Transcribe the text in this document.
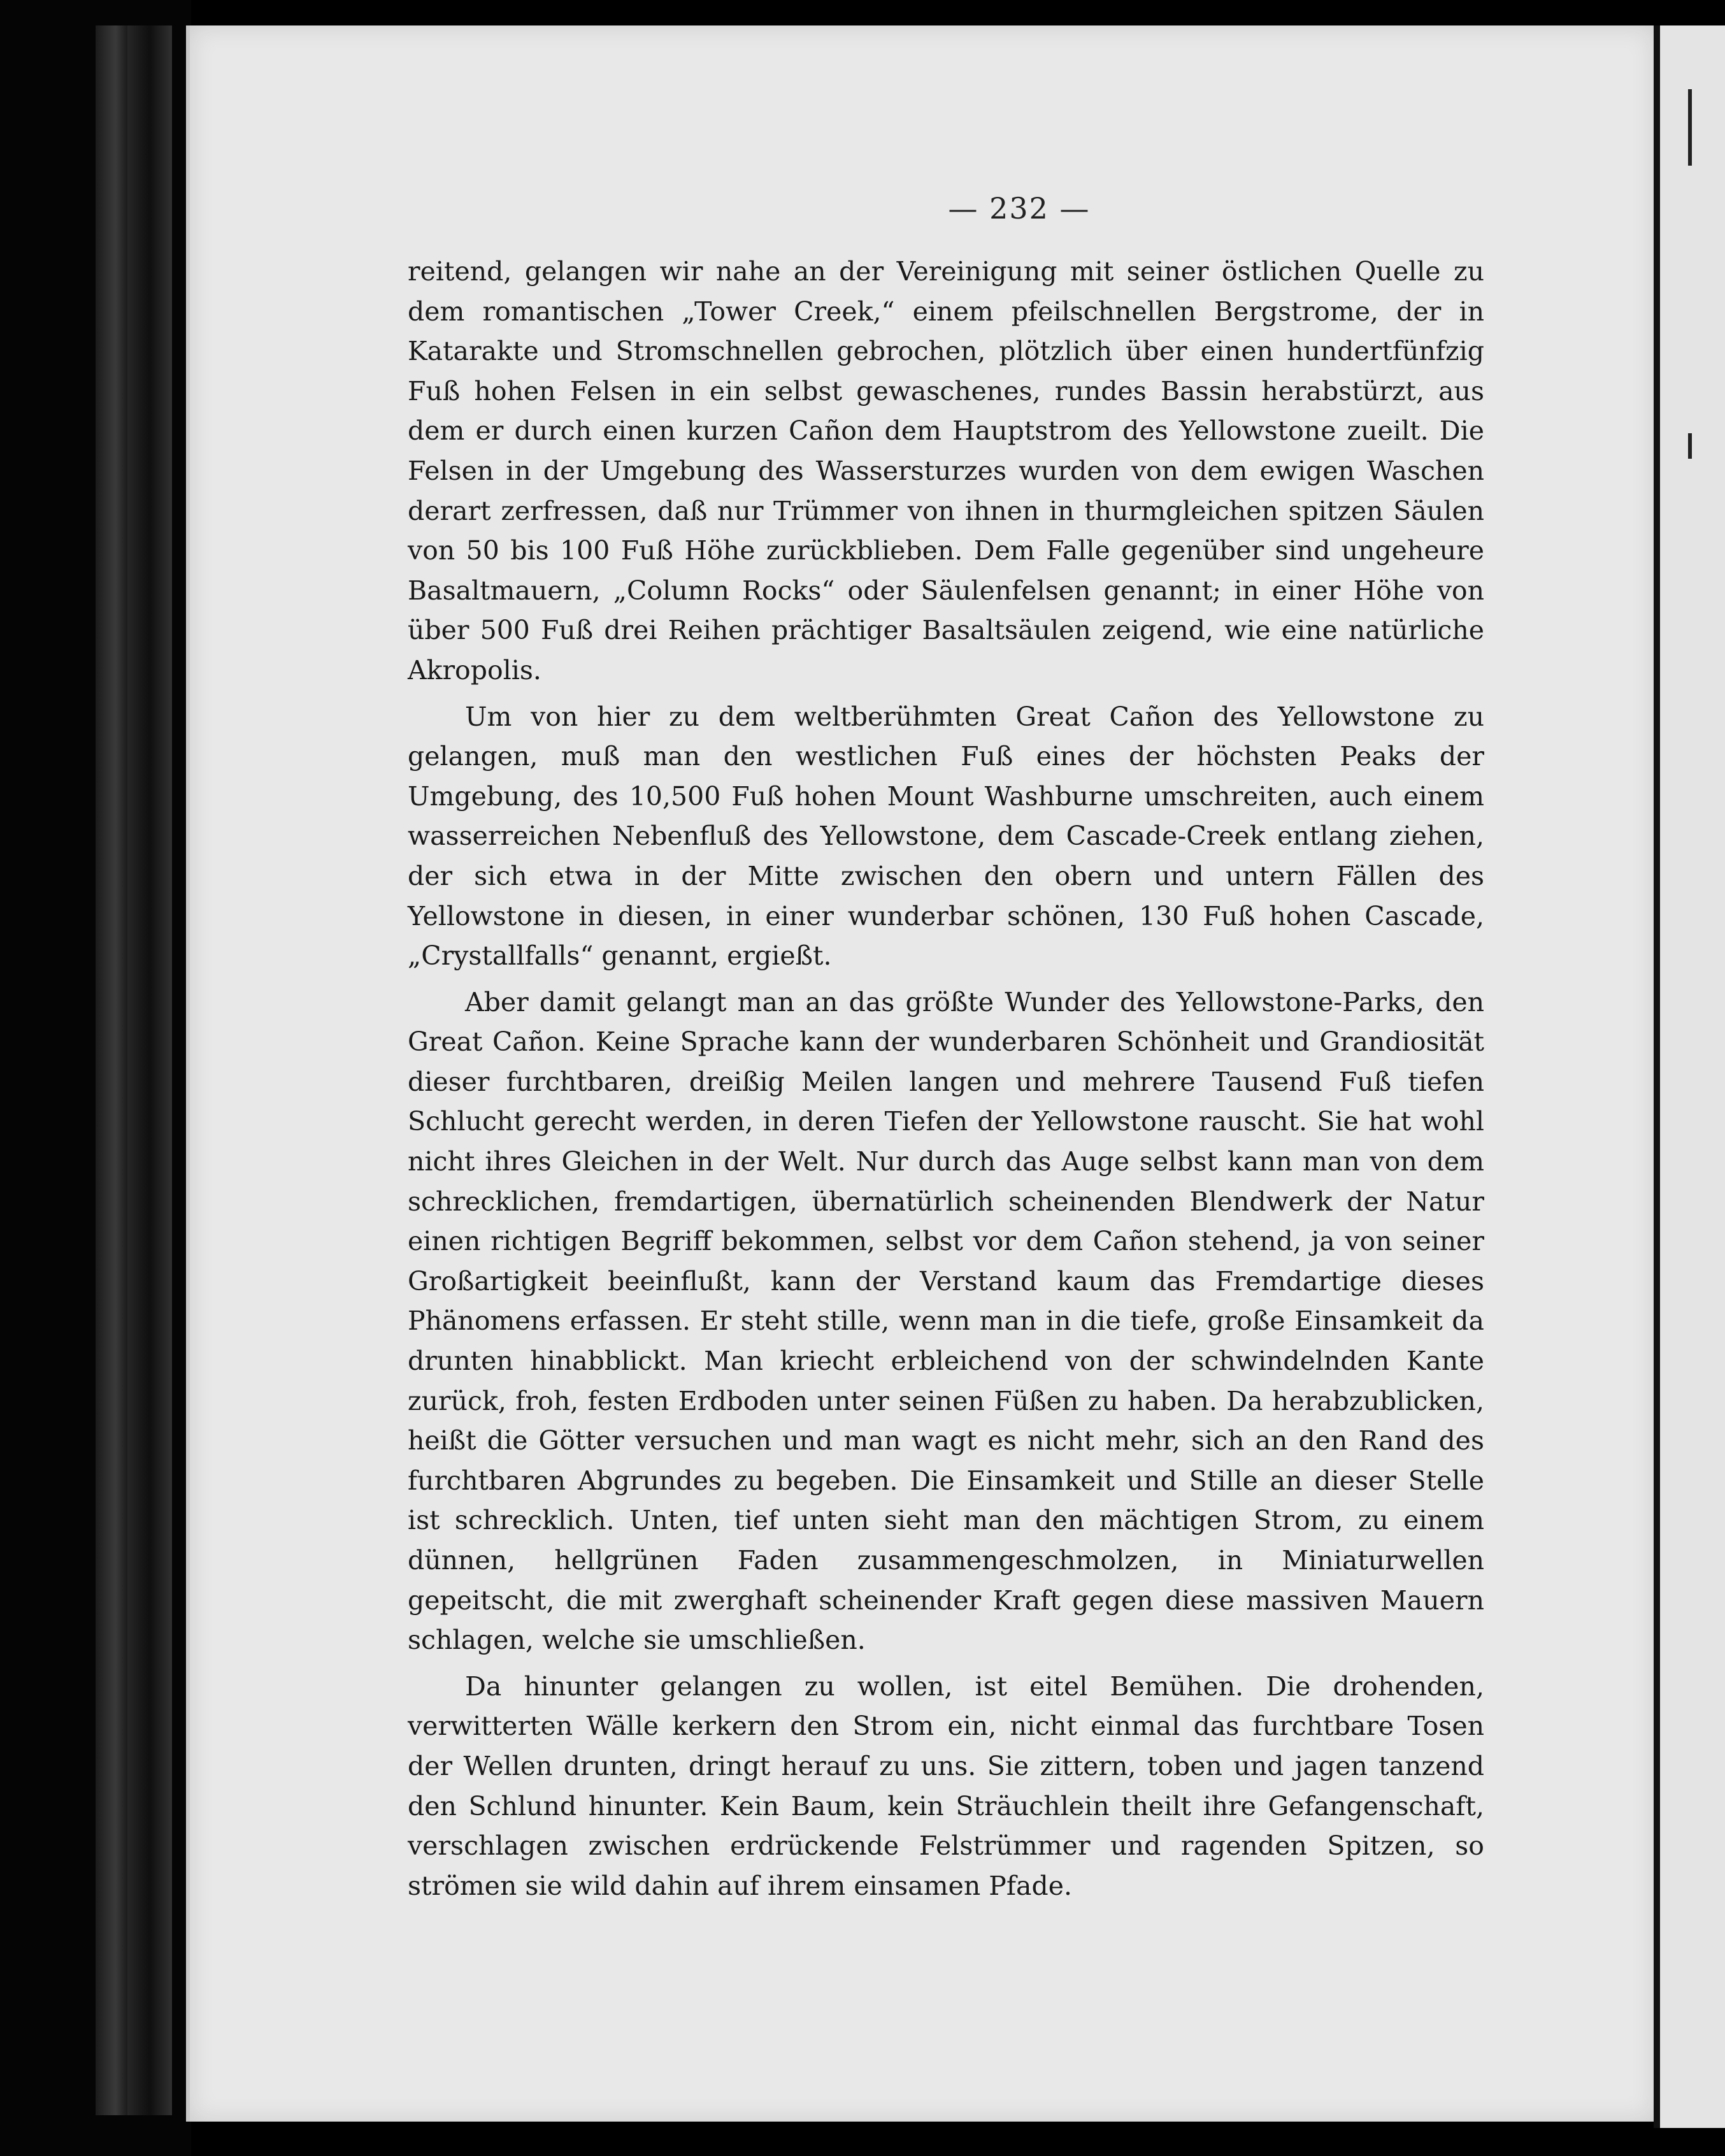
— 232 —

reitend, gelangen wir nahe an der Vereinigung mit seiner östlichen Quelle zu dem romantischen „Tower Creek,“ einem pfeilschnellen Bergstrome, der in Katarakte und Stromschnellen gebrochen, plötzlich über einen hundertfünfzig Fuß hohen Felsen in ein selbst gewaschenes, rundes Bassin herabstürzt, aus dem er durch einen kurzen Cañon dem Hauptstrom des Yellowstone zueilt. Die Felsen in der Umgebung des Wassersturzes wurden von dem ewigen Waschen derart zerfressen, daß nur Trümmer von ihnen in thurmgleichen spitzen Säulen von 50 bis 100 Fuß Höhe zurückblieben. Dem Falle gegenüber sind ungeheure Basaltmauern, „Column Rocks“ oder Säulenfelsen genannt; in einer Höhe von über 500 Fuß drei Reihen prächtiger Basaltsäulen zeigend, wie eine natürliche Akropolis.

Um von hier zu dem weltberühmten Great Cañon des Yellowstone zu gelangen, muß man den westlichen Fuß eines der höchsten Peaks der Umgebung, des 10,500 Fuß hohen Mount Washburne umschreiten, auch einem wasserreichen Nebenfluß des Yellowstone, dem Cascade-Creek entlang ziehen, der sich etwa in der Mitte zwischen den obern und untern Fällen des Yellowstone in diesen, in einer wunderbar schönen, 130 Fuß hohen Cascade, „Crystallfalls“ genannt, ergießt.

Aber damit gelangt man an das größte Wunder des Yellowstone-Parks, den Great Cañon. Keine Sprache kann der wunderbaren Schönheit und Grandiosität dieser furchtbaren, dreißig Meilen langen und mehrere Tausend Fuß tiefen Schlucht gerecht werden, in deren Tiefen der Yellowstone rauscht. Sie hat wohl nicht ihres Gleichen in der Welt. Nur durch das Auge selbst kann man von dem schrecklichen, fremdartigen, übernatürlich scheinenden Blendwerk der Natur einen richtigen Begriff bekommen, selbst vor dem Cañon stehend, ja von seiner Großartigkeit beeinflußt, kann der Verstand kaum das Fremdartige dieses Phänomens erfassen. Er steht stille, wenn man in die tiefe, große Einsamkeit da drunten hinabblickt. Man kriecht erbleichend von der schwindelnden Kante zurück, froh, festen Erdboden unter seinen Füßen zu haben. Da herabzublicken, heißt die Götter versuchen und man wagt es nicht mehr, sich an den Rand des furchtbaren Abgrundes zu begeben. Die Einsamkeit und Stille an dieser Stelle ist schrecklich. Unten, tief unten sieht man den mächtigen Strom, zu einem dünnen, hellgrünen Faden zusammengeschmolzen, in Miniaturwellen gepeitscht, die mit zwerghaft scheinender Kraft gegen diese massiven Mauern schlagen, welche sie umschließen.

Da hinunter gelangen zu wollen, ist eitel Bemühen. Die drohenden, verwitterten Wälle kerkern den Strom ein, nicht einmal das furchtbare Tosen der Wellen drunten, dringt herauf zu uns. Sie zittern, toben und jagen tanzend den Schlund hinunter. Kein Baum, kein Sträuchlein theilt ihre Gefangenschaft, verschlagen zwischen erdrückende Felstrümmer und ragenden Spitzen, so strömen sie wild dahin auf ihrem einsamen Pfade.
